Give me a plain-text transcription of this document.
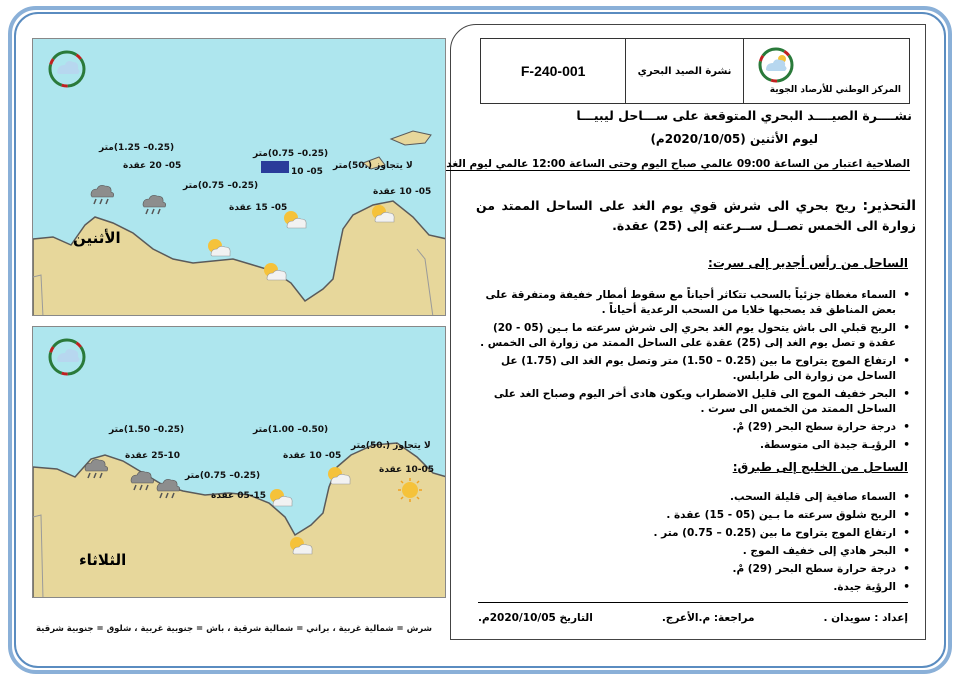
(0.25– 1.25)متر
05- 20 عقدة
(0.25– 0.75)متر
05- 10
(0.25– 0.75)متر
05- 15 عقدة
لا يتجاوز (.50)متر
05- 10 عقدة
الأثنين
(0.25– 1.50)متر
25-10 عقدة
(0.50– 1.00)متر
05- 10 عقدة
(0.25– 0.75)متر
05-15 عقدة
لا يتجاوز (.50)متر
10-05 عقدة
الثلاثاء
شرش = شمالية غربية ، براني = شمالية شرقية ، باش = جنوبية غربية ، شلوق = جنوبية شرقية
F-240-001	نشرة الصيد البحري
المركز الوطني للأرصاد الجوية
نشــــرة الصيــــد البحري المتوقعة على ســـاحل ليبيـــا
ليوم الأثنين (2020/10/05م)
الصلاحية اعتبار من الساعة 09:00 عالمي صباح اليوم وحتى الساعة 12:00 عالمي ليوم الغد
التحذير: ريح بحري الى شرش قوي يوم الغد على الساحل الممتد من زوارة الى الخمس تصــل ســرعته إلى (25) عقدة.
الساحل من رأس أجدير إلى سرت:
• السماء مغطاة جزئياً بالسحب تتكاثر أحياناً مع سقوط أمطار خفيفة ومتفرقة على بعض المناطق قد يصحبها خلايا من السحب الرعدية أحياناً .
• الريح قبلي الى باش يتحول يوم الغد بحري إلى شرش سرعته ما بـين (05 - 20) عقدة و تصل يوم الغد إلى (25) عقدة على الساحل الممتد من زوارة الى الخمس .
• ارتفاع الموج يتراوح ما بين (0.25 – 1.50) متر وتصل يوم الغد الى (1.75) عل الساحل من زوارة الى طرابلس.
• البحر خفيف الموج الى قليل الاضطراب ويكون هادى أخر اليوم وصباح الغد على الساحل الممتد من الخمس الى سرت .
• درجة حرارة سطح البحر (29) مْ.
• الرؤيـة جيدة الى متوسطة.
الساحل من الخليج إلى طبرق:
• السماء صافية إلى قليلة السحب.
• الريح شلوق سرعته ما بـين (05 - 15) عقدة .
• ارتفاع الموج يتراوح ما بين (0.25 – 0.75) متر .
• البحر هادي إلى خفيف الموج .
• درجة حرارة سطح البحر (29) مْ.
• الرؤية جيدة.
إعداد : سويدان .
مراجعة: م.الأعرج.
التاريخ 2020/10/05م.
